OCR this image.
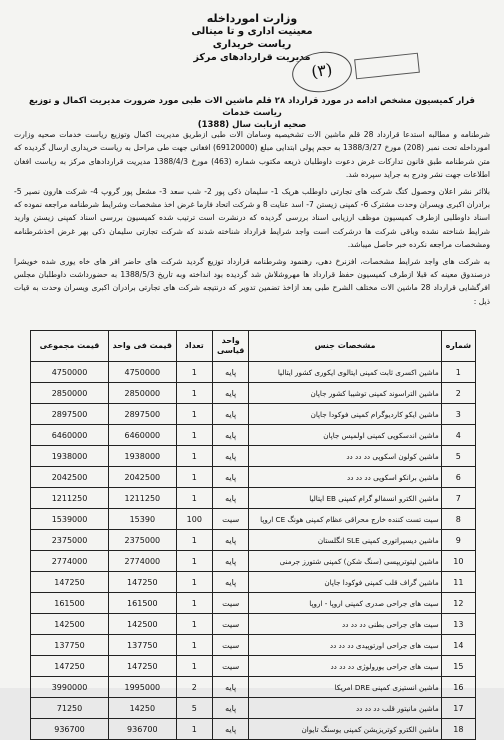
وزارت امورداخله
معینیت اداری و‌ تا مینالی
ریاست خریداری
مدیریت قراردادهای مرکز
(۳)
قرار کمیسیون مشخص ادامه در مورد قرارداد ۲۸ قلم ماشین الات طبی مورد ضرورت مدیریت اکمال و توزیع ریاست خدمات
صحیه ازبابت سال (1388)

شرطنامه و مطالبه استدعا قرارداد 28 قلم ماشین الات تشخیصیه وسامان الات طبی ازطریق مدیریت اکمال وتوزیع ریاست خدمات صحیه وزارت امورداخله تحت نمبر (208) مورخ 1388/3/27 به حجم پولی ابتدایی مبلغ (69120000) افغانی جهت طی مراحل به ریاست خریداری ارسال گردیده که متن شرطنامه طبق قانون تدارکات غرض دعوت داوطلبان ذریعه مکتوب شماره (463) مورخ 1388/4/3 مدیریت قراردادهای مرکز به ریاست افغان اطلاعات جهت نشر ودرج به جراید سپرده شد.

بلااثر نشر اعلان وحصول کتگ شرکت های تجارتی داوطلب هریک 1- سلیمان ذکی پور 2- شب سعد 3- مشعل پور گروپ 4- شرکت هارون نصیر 5- برادران اکبری ویسران وحدت مشترک 6- کمپنی زیستن 7- اسد عنایت 8 و شرکت اتحاد فارما غرض اخذ مشخصات وشرایط شرطنامه مراجعه نموده که اسناد داوطلبی ازطرف کمیسیون موظف ارزیابی اسناد بررسی گردیده که درنشرت است ترتیب شده کمیسیون بررسی اسناد کمپنی زیستن وارید شرایط شناخته نشده وباقی شرکت ها درشرکت است واجد شرایط قرارداد شناخته شدند که شرکت تجارتی سلیمان ذکی بهر غرض اخذشرطنامه ومشخصات مراجعه نکرده خبر حاصل میباشد.

به شرکت های واجد شرایط مشخصات، افزنرخ دهی، رهنمود وشرطنامه قرارداد توزیع گردید شرکت های حاضر افر های خاه یوری شده خویشرا درصندوق معینه که قبلا ازطرف کمیسیون حفظ قرارداد ها مهروشلاش شد گردیده بود انداخته وبه تاریخ 1388/5/3 به حضورداشت داوطلبان مجلس افرگشایی قرارداد 28 ماشین الات مختلف الشرح طبی بعد ازاخذ تضمین تدویر که درنتیجه شرکت های تجارتی برادران اکبری ویسران وحدت به قیات ذیل :

شماره	مشخصات جنس	واحد قیاسی	تعداد	قیمت فی واحد	قیمت مجموعی
1	ماشین اکسری ثابت کمپنی ایتالوی ایکوری کشور ایتالیا	پایه	1	4750000	4750000
2	ماشین التراسوند کمپنی توشیبا کشور جاپان	پایه	1	2850000	2850000
3	ماشین ایکو کاردیوگرام کمپنی فوکودا جاپان	پایه	1	2897500	2897500
4	ماشین اندسکوپی کمپنی اولمپس جاپان	پایه	1	6460000	6460000
5	ماشین کولون اسکوپی دد دد دد	پایه	1	1938000	1938000
6	ماشین برانکو اسکوپی دد دد دد	پایه	1	2042500	2042500
7	ماشین الکترو انسفالو گرام کمپنی EB ایتالیا	پایه	1	1211250	1211250
8	سیت تست کننده خارج محراقی عظام کمپنی هونگ CE اروپا	سیت	100	15390	1539000
9	ماشین دیسپراتوری کمپنی SLE انگلستان	پایه	1	2375000	2375000
10	ماشین لیتوتریپسی (سنگ شکن) کمپنی شتورز جرمنی	پایه	1	2774000	2774000
11	ماشین گراف قلب کمپنی فوکودا جاپان	پایه	1	147250	147250
12	سیت های جراحی صدری کمپنی اروپا - اروپا	سیت	1	161500	161500
13	سیت های جراحی بطنی دد دد دد	سیت	1	142500	142500
14	سیت های جراحی اورتوپیدی دد دد دد	سیت	1	137750	137750
15	سیت های جراحی یورولوژی دد دد دد	سیت	1	147250	147250
16	ماشین انستیزی کمپنی DRE امریکا	پایه	2	1995000	3990000
17	ماشین مانیتور قلب دد دد دد	پایه	5	14250	71250
18	ماشین الکترو کوتریزیشن کمپنی یوسنگ تایوان	پایه	1	936700	936700
